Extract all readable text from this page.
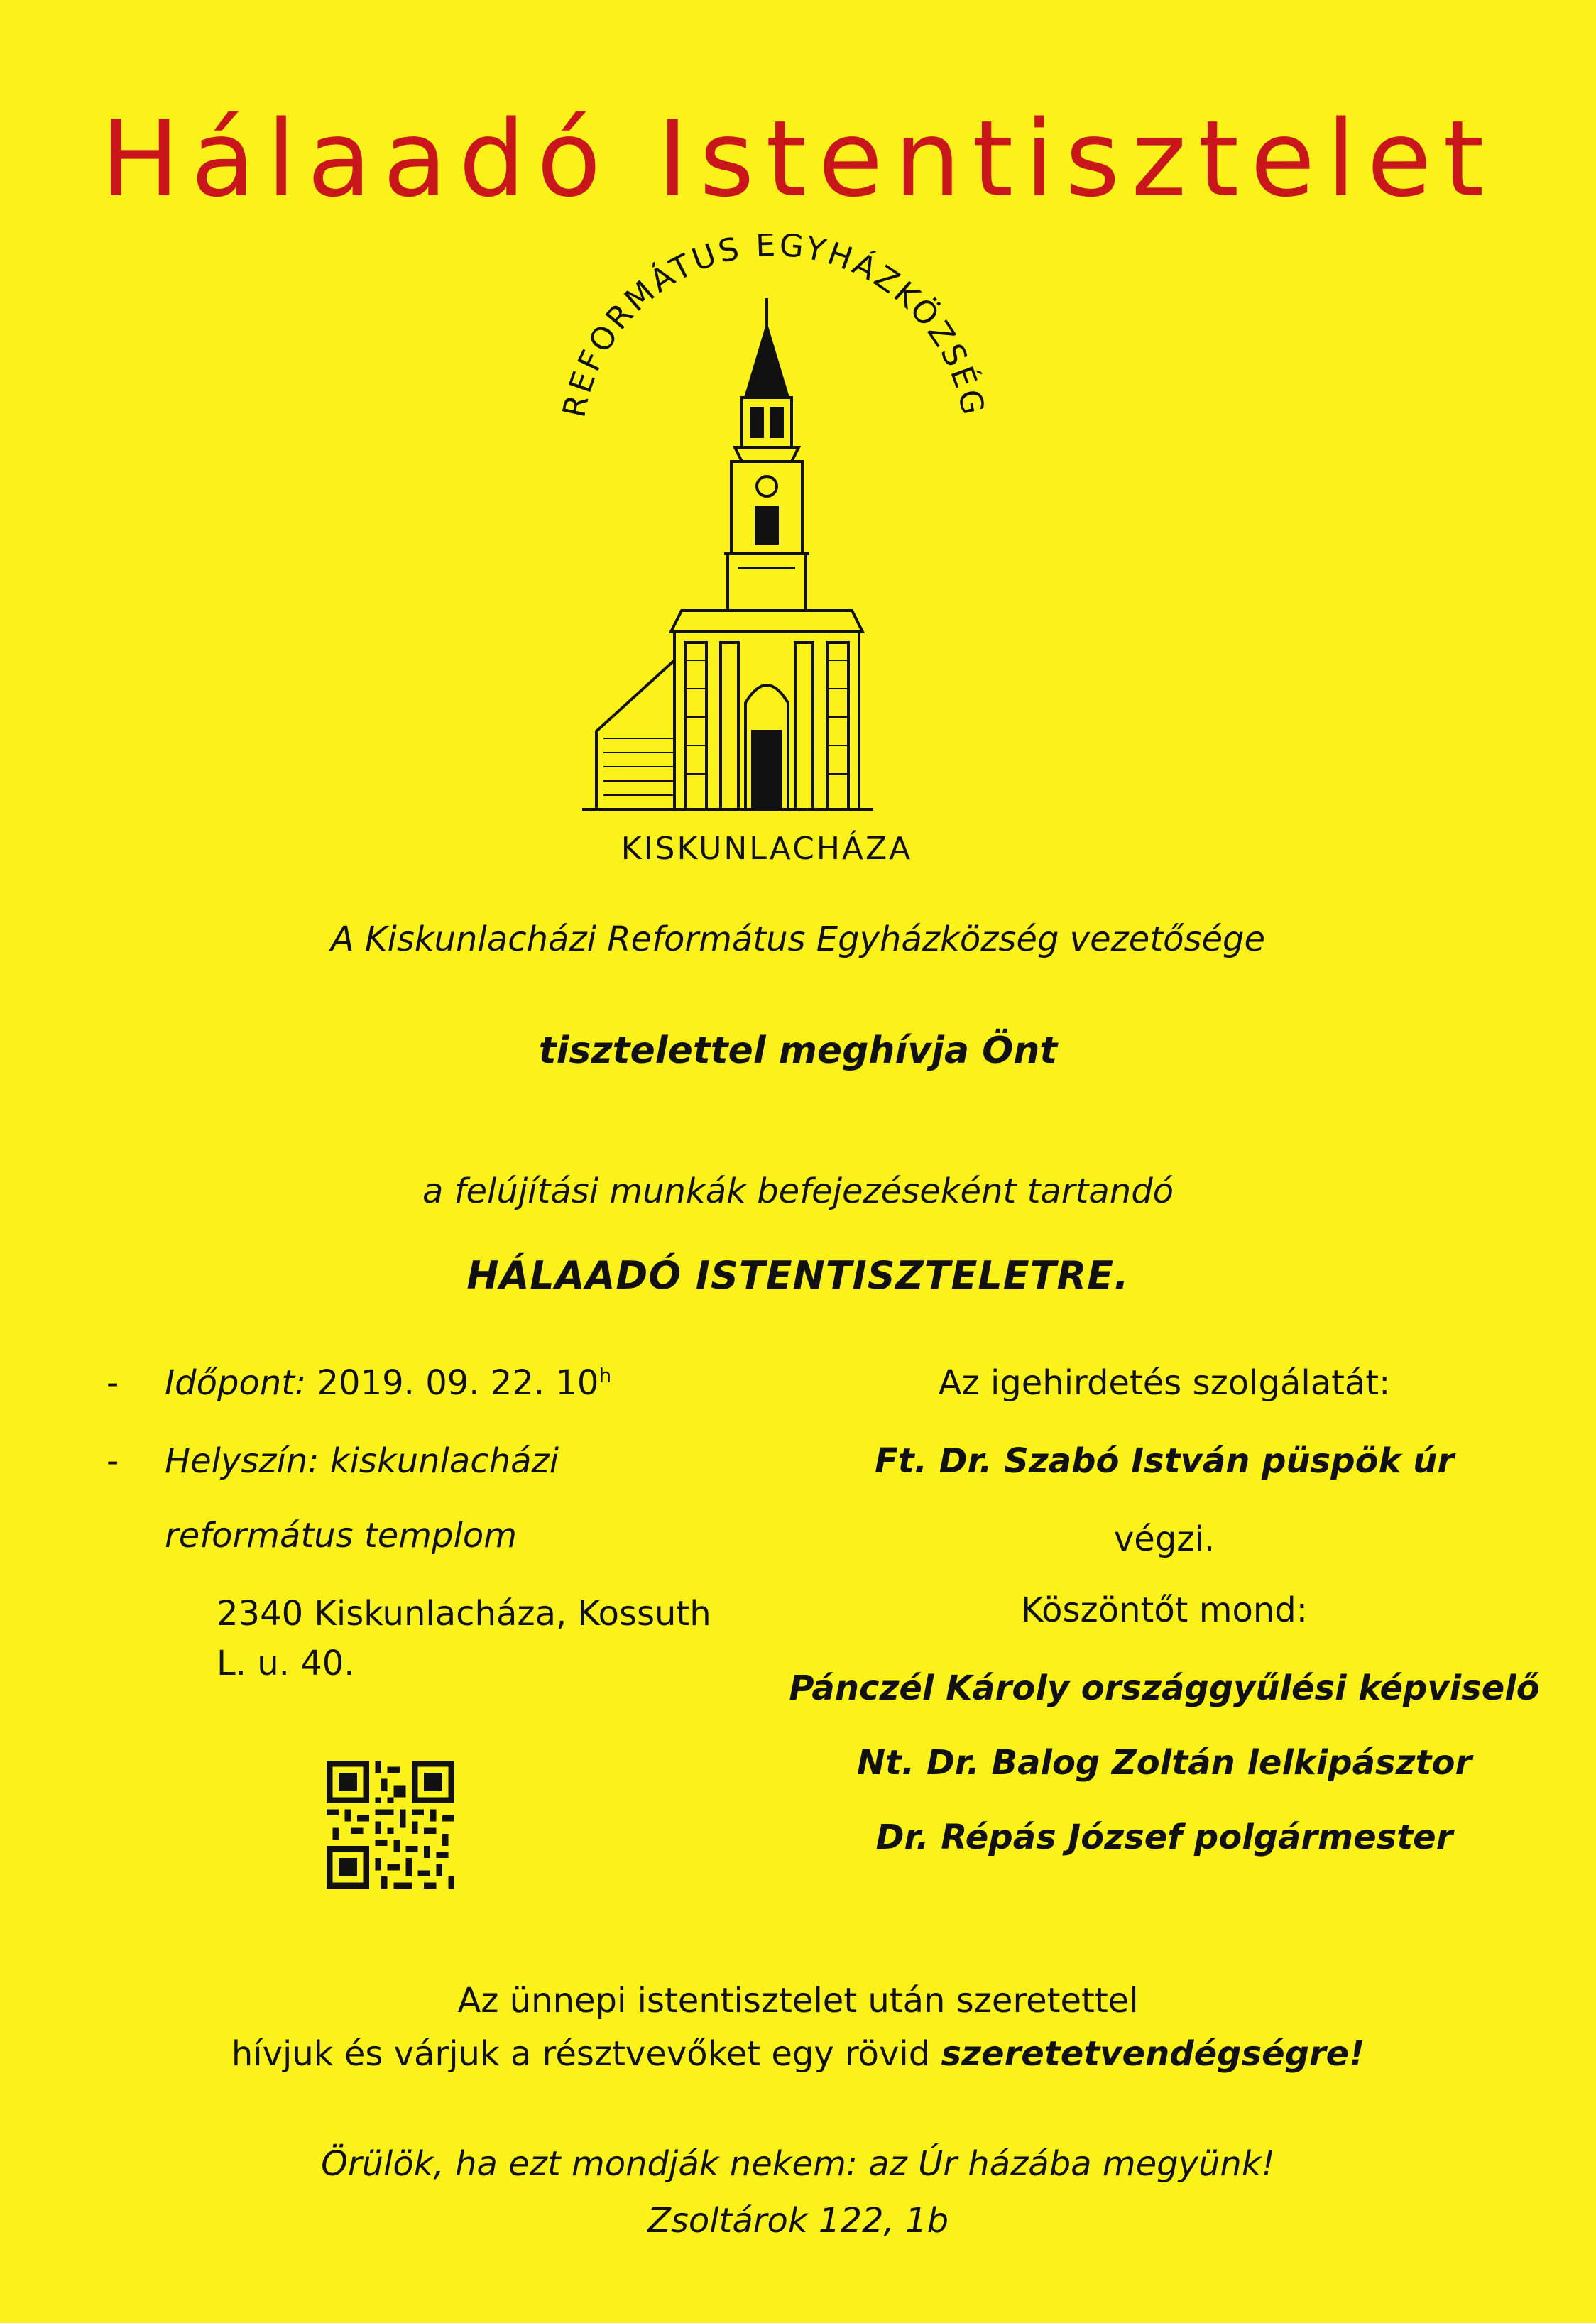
Hálaadó Istentisztelet
REFORMÁTUS EGYHÁZKÖZSÉG
KISKUNLACHÁZA
A Kiskunlacházi Református Egyházközség vezetősége
tisztelettel meghívja Önt
a felújítási munkák befejezéseként tartandó
HÁLAADÓ ISTENTISZTELETRE.
- Időpont: 2019. 09. 22. 10$^h$
- Helyszín: kiskunlacházi
református templom
2340 Kiskunlacháza, Kossuth
L. u. 40.
Az igehirdetés szolgálatát:
Ft. Dr. Szabó István püspök úr
végzi.
Köszöntőt mond:
Pánczél Károly országgyűlési képviselő
Nt. Dr. Balog Zoltán lelkipásztor
Dr. Répás József polgármester
Az ünnepi istentisztelet után szeretettel
hívjuk és várjuk a résztvevőket egy rövid szeretetvendégségre!
Örülök, ha ezt mondják nekem: az Úr házába megyünk!
Zsoltárok 122, 1b
